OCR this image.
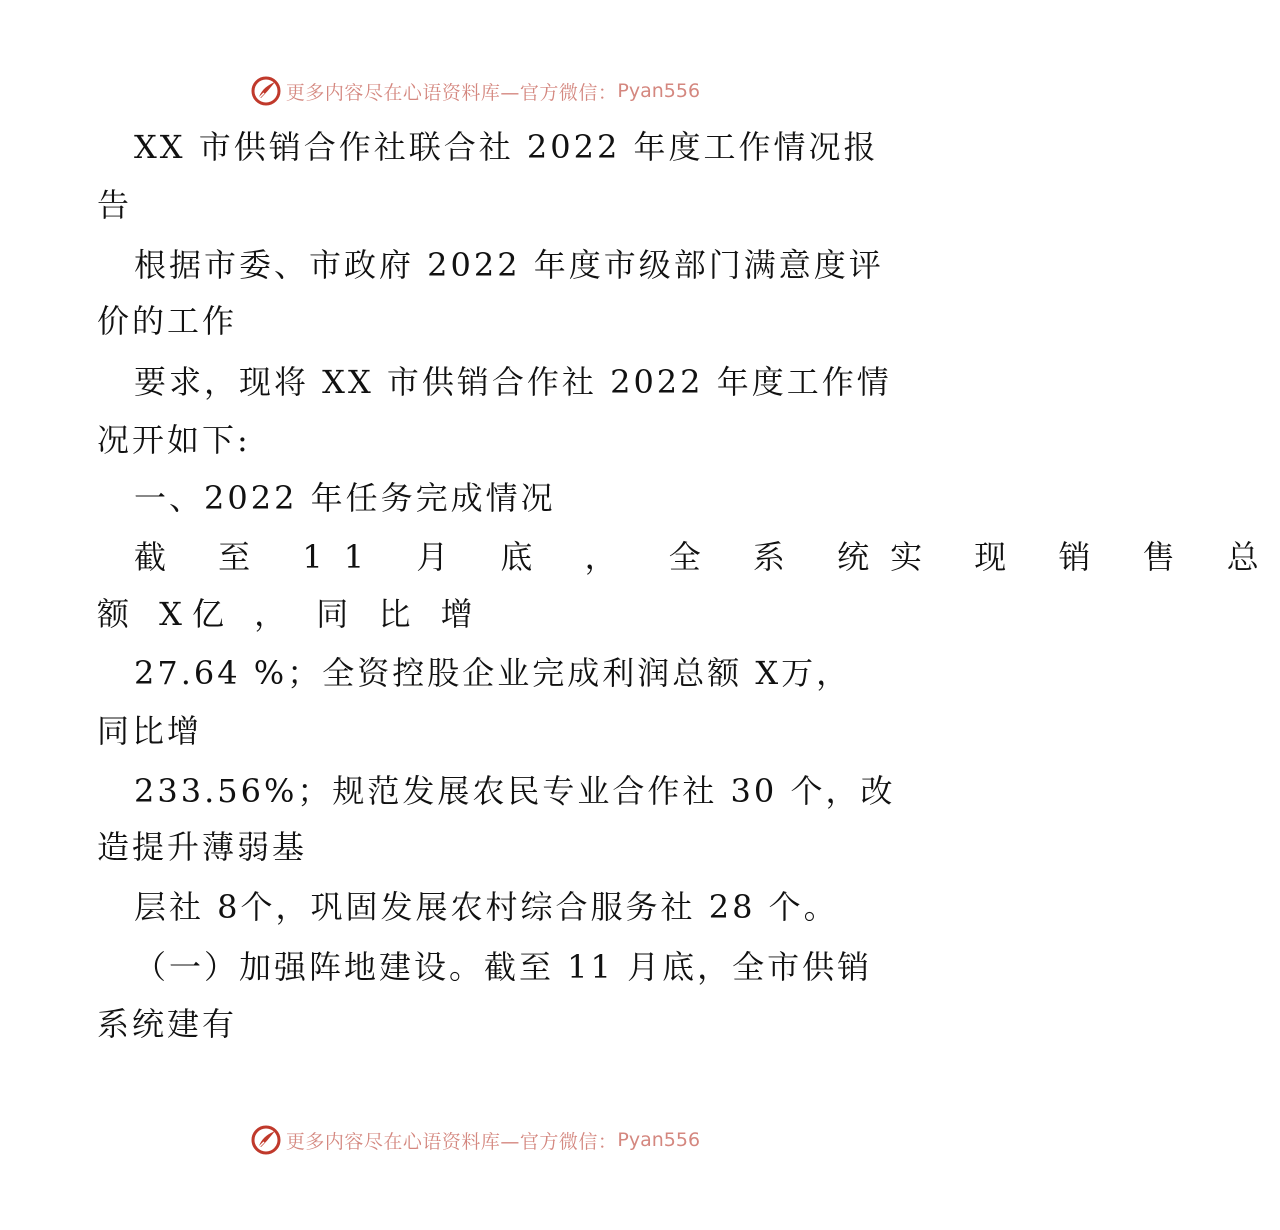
更多内容尽在心语资料库—官方微信： Pyan556
XX 市供销合作社联合社 2022 年度工作情况报
告
根据市委、市政府 2022 年度市级部门满意度评
价的工作
要求，现将 XX 市供销合作社 2022 年度工作情
况开如下:
一、2022 年任务完成情况
截 至 11 月 底 ， 全 系 统实 现 销 售 总
额 X亿 ， 同 比 增
27.64 %；全资控股企业完成利润总额 X万，
同比增
233.56%；规范发展农民专业合作社 30 个，改
造提升薄弱基
层社 8个，巩固发展农村综合服务社 28 个。
（一）加强阵地建设。截至 11 月底，全市供销
系统建有
更多内容尽在心语资料库—官方微信： Pyan556
